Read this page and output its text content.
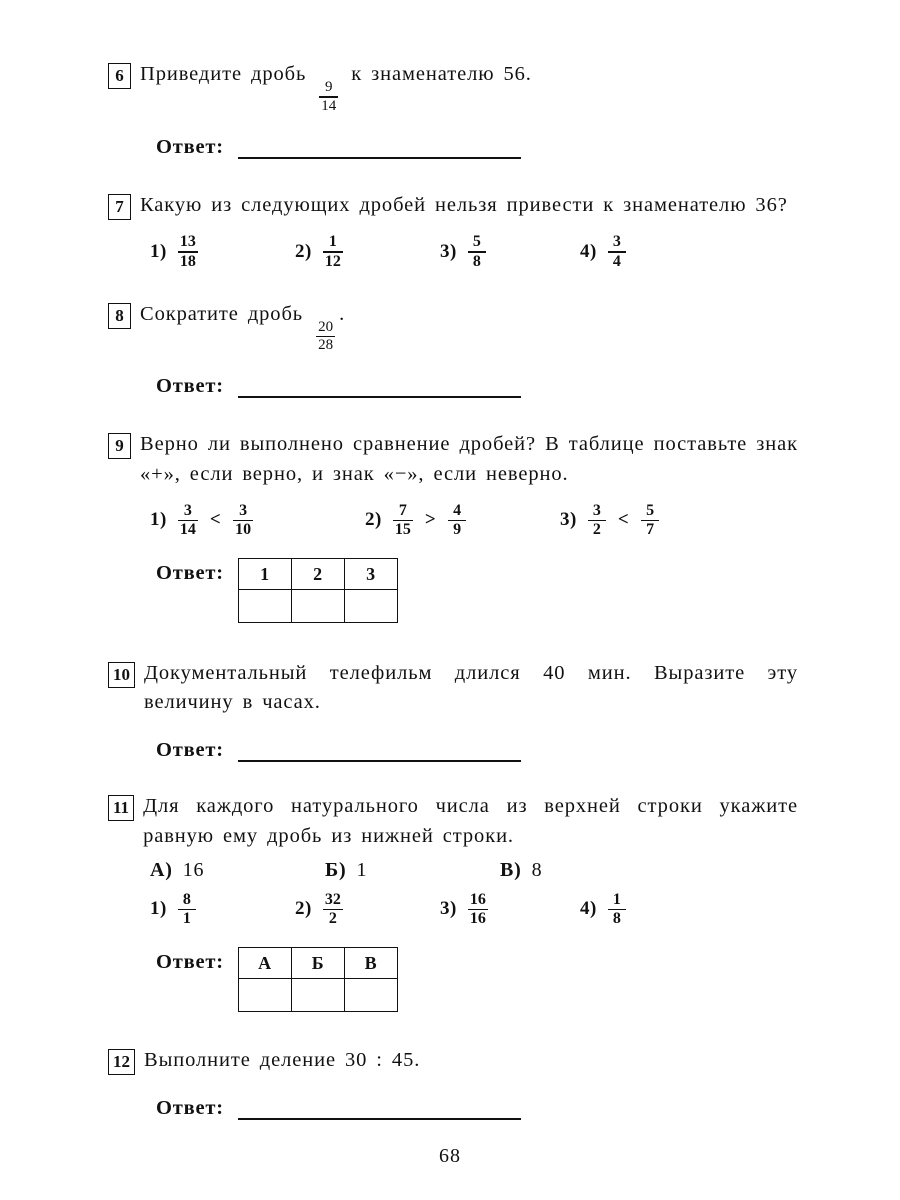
6 Приведите дробь
$\frac{9}{14}$
к знаменателю 56.
Ответ:
7 Какую из следующих дробей нельзя привести к знаменателю 36?
$1) \frac{13}{18}$	$2) \frac{1}{12}$	$3) \frac{5}{8}$	$4) \frac{3}{4}$
8 Сократите дробь
$\frac{20}{28}$
.
Ответ:
9 Верно ли выполнено сравнение дробей? В таблице поставьте знак «+», если верно, и знак «−», если неверно.
$1) \frac{3}{14} < \frac{3}{10}$	$2) \frac{7}{15} > \frac{4}{9}$	$3) \frac{3}{2} < \frac{5}{7}$
Ответ: 1	2	3

10 Документальный телефильм длился 40 мин. Выразите эту величину в часах.
Ответ:
11 Для каждого натурального числа из верхней строки укажите равную ему дробь из нижней строки.
А) 16	Б) 1	В) 8
$1) \frac{8}{1}$	$2) \frac{32}{2}$	$3) \frac{16}{16}$	$4) \frac{1}{8}$
Ответ: А	Б	В

12 Выполните деление 30 : 45.
Ответ:
68
